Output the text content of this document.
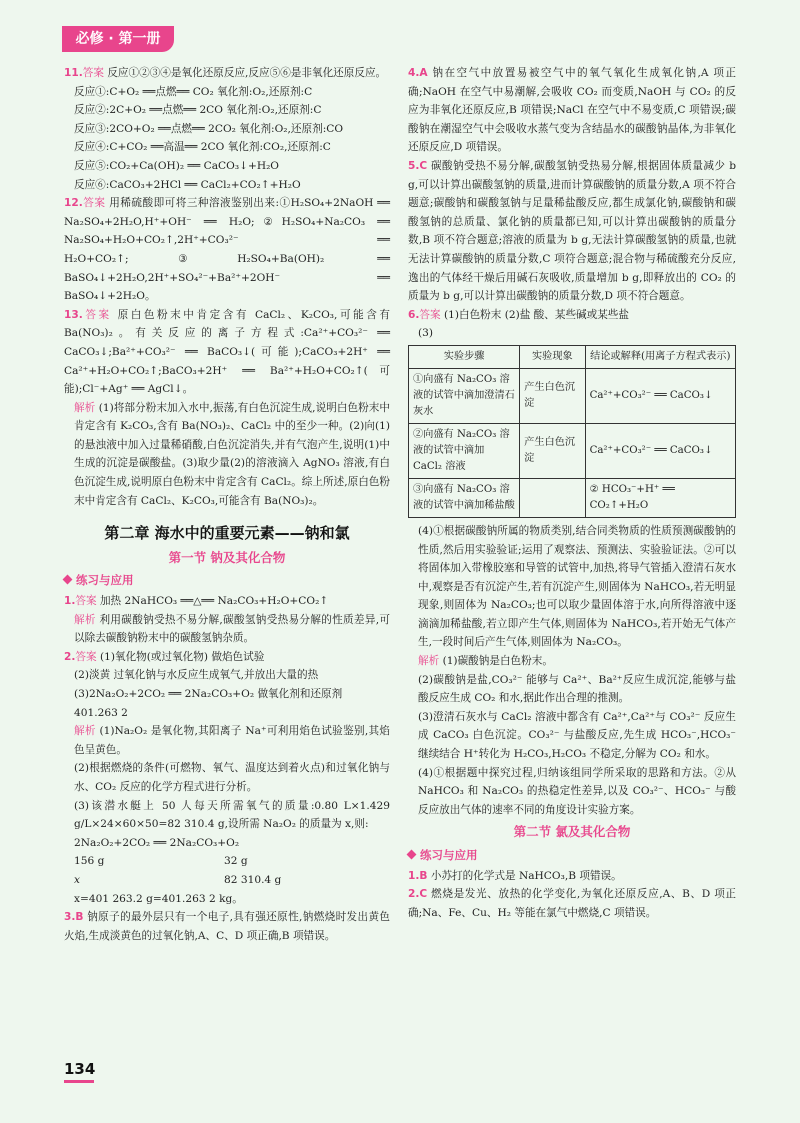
必修 · 第一册

11.答案 反应①②③④是氧化还原反应,反应⑤⑥是非氧化还原反应。

反应①:C+O₂ ══点燃══ CO₂ 氧化剂:O₂,还原剂:C

反应②:2C+O₂ ══点燃══ 2CO 氧化剂:O₂,还原剂:C

反应③:2CO+O₂ ══点燃══ 2CO₂ 氧化剂:O₂,还原剂:CO

反应④:C+CO₂ ══高温══ 2CO 氧化剂:CO₂,还原剂:C

反应⑤:CO₂+Ca(OH)₂ ══ CaCO₃↓+H₂O

反应⑥:CaCO₃+2HCl ══ CaCl₂+CO₂↑+H₂O

12.答案 用稀硫酸即可将三种溶液鉴别出来:①H₂SO₄+2NaOH ══ Na₂SO₄+2H₂O,H⁺+OH⁻ ══ H₂O;②H₂SO₄+Na₂CO₃ ══ Na₂SO₄+H₂O+CO₂↑,2H⁺+CO₃²⁻ ══ H₂O+CO₂↑;③H₂SO₄+Ba(OH)₂ ══ BaSO₄↓+2H₂O,2H⁺+SO₄²⁻+Ba²⁺+2OH⁻ ══ BaSO₄↓+2H₂O。

13.答案 原白色粉末中肯定含有 CaCl₂、K₂CO₃,可能含有 Ba(NO₃)₂。有关反应的离子方程式:Ca²⁺+CO₃²⁻ ══ CaCO₃↓;Ba²⁺+CO₃²⁻ ══ BaCO₃↓(可能);CaCO₃+2H⁺ ══ Ca²⁺+H₂O+CO₂↑;BaCO₃+2H⁺ ══ Ba²⁺+H₂O+CO₂↑(可能);Cl⁻+Ag⁺ ══ AgCl↓。

解析 (1)将部分粉末加入水中,振荡,有白色沉淀生成,说明白色粉末中肯定含有 K₂CO₃,含有 Ba(NO₃)₂、CaCl₂ 中的至少一种。(2)向(1)的悬浊液中加入过量稀硝酸,白色沉淀消失,并有气泡产生,说明(1)中生成的沉淀是碳酸盐。(3)取少量(2)的溶液滴入 AgNO₃ 溶液,有白色沉淀生成,说明原白色粉末中肯定含有 CaCl₂。综上所述,原白色粉末中肯定含有 CaCl₂、K₂CO₃,可能含有 Ba(NO₃)₂。

第二章 海水中的重要元素——钠和氯
第一节 钠及其化合物
练习与应用

1.答案 加热 2NaHCO₃ ══△══ Na₂CO₃+H₂O+CO₂↑

解析 利用碳酸钠受热不易分解,碳酸氢钠受热易分解的性质差异,可以除去碳酸钠粉末中的碳酸氢钠杂质。

2.答案 (1)氧化物(或过氧化物) 做焰色试验

(2)淡黄 过氧化钠与水反应生成氧气,并放出大量的热

(3)2Na₂O₂+2CO₂ ══ 2Na₂CO₃+O₂ 做氧化剂和还原剂

401.263 2

解析 (1)Na₂O₂ 是氧化物,其阳离子 Na⁺可利用焰色试验鉴别,其焰色呈黄色。

(2)根据燃烧的条件(可燃物、氧气、温度达到着火点)和过氧化钠与水、CO₂ 反应的化学方程式进行分析。

(3)该潜水艇上 50 人每天所需氧气的质量:0.80 L×1.429 g/L×24×60×50=82 310.4 g,设所需 Na₂O₂ 的质量为 x,则:

2Na₂O₂+2CO₂ ══ 2Na₂CO₃+O₂

156 g	32 g
x	82 310.4 g

x=401 263.2 g=401.263 2 kg。

3.B 钠原子的最外层只有一个电子,具有强还原性,钠燃烧时发出黄色火焰,生成淡黄色的过氧化钠,A、C、D 项正确,B 项错误。

4.A 钠在空气中放置易被空气中的氧气氧化生成氧化钠,A 项正确;NaOH 在空气中易潮解,会吸收 CO₂ 而变质,NaOH 与 CO₂ 的反应为非氧化还原反应,B 项错误;NaCl 在空气中不易变质,C 项错误;碳酸钠在潮湿空气中会吸收水蒸气变为含结晶水的碳酸钠晶体,为非氧化还原反应,D 项错误。

5.C 碳酸钠受热不易分解,碳酸氢钠受热易分解,根据固体质量减少 b g,可以计算出碳酸氢钠的质量,进而计算碳酸钠的质量分数,A 项不符合题意;碳酸钠和碳酸氢钠与足量稀盐酸反应,都生成氯化钠,碳酸钠和碳酸氢钠的总质量、氯化钠的质量都已知,可以计算出碳酸钠的质量分数,B 项不符合题意;溶液的质量为 b g,无法计算碳酸氢钠的质量,也就无法计算碳酸钠的质量分数,C 项符合题意;混合物与稀硫酸充分反应,逸出的气体经干燥后用碱石灰吸收,质量增加 b g,即释放出的 CO₂ 的质量为 b g,可以计算出碳酸钠的质量分数,D 项不符合题意。

6.答案 (1)白色粉末 (2)盐 酸、某些碱或某些盐

(3)

实验步骤	实验现象	结论或解释(用离子方程式表示)
①向盛有 Na₂CO₃ 溶液的试管中滴加澄清石灰水	产生白色沉淀	Ca²⁺+CO₃²⁻ ══ CaCO₃↓
②向盛有 Na₂CO₃ 溶液的试管中滴加 CaCl₂ 溶液	产生白色沉淀	Ca²⁺+CO₃²⁻ ══ CaCO₃↓
③向盛有 Na₂CO₃ 溶液的试管中滴加稀盐酸		② HCO₃⁻+H⁺ ══ CO₂↑+H₂O

(4)①根据碳酸钠所属的物质类别,结合同类物质的性质预测碳酸钠的性质,然后用实验验证;运用了观察法、预测法、实验验证法。②可以将固体加入带橡胶塞和导管的试管中,加热,将导气管插入澄清石灰水中,观察是否有沉淀产生,若有沉淀产生,则固体为 NaHCO₃,若无明显现象,则固体为 Na₂CO₃;也可以取少量固体溶于水,向所得溶液中逐滴滴加稀盐酸,若立即产生气体,则固体为 NaHCO₃,若开始无气体产生,一段时间后产生气体,则固体为 Na₂CO₃。

解析 (1)碳酸钠是白色粉末。

(2)碳酸钠是盐,CO₃²⁻ 能够与 Ca²⁺、Ba²⁺反应生成沉淀,能够与盐酸反应生成 CO₂ 和水,据此作出合理的推测。

(3)澄清石灰水与 CaCl₂ 溶液中都含有 Ca²⁺,Ca²⁺与 CO₃²⁻ 反应生成 CaCO₃ 白色沉淀。CO₃²⁻ 与盐酸反应,先生成 HCO₃⁻,HCO₃⁻ 继续结合 H⁺转化为 H₂CO₃,H₂CO₃ 不稳定,分解为 CO₂ 和水。

(4)①根据题中探究过程,归纳该组同学所采取的思路和方法。②从 NaHCO₃ 和 Na₂CO₃ 的热稳定性差异,以及 CO₃²⁻、HCO₃⁻ 与酸反应放出气体的速率不同的角度设计实验方案。

第二节 氯及其化合物
练习与应用

1.B 小苏打的化学式是 NaHCO₃,B 项错误。

2.C 燃烧是发光、放热的化学变化,为氧化还原反应,A、B、D 项正确;Na、Fe、Cu、H₂ 等能在氯气中燃烧,C 项错误。

134
